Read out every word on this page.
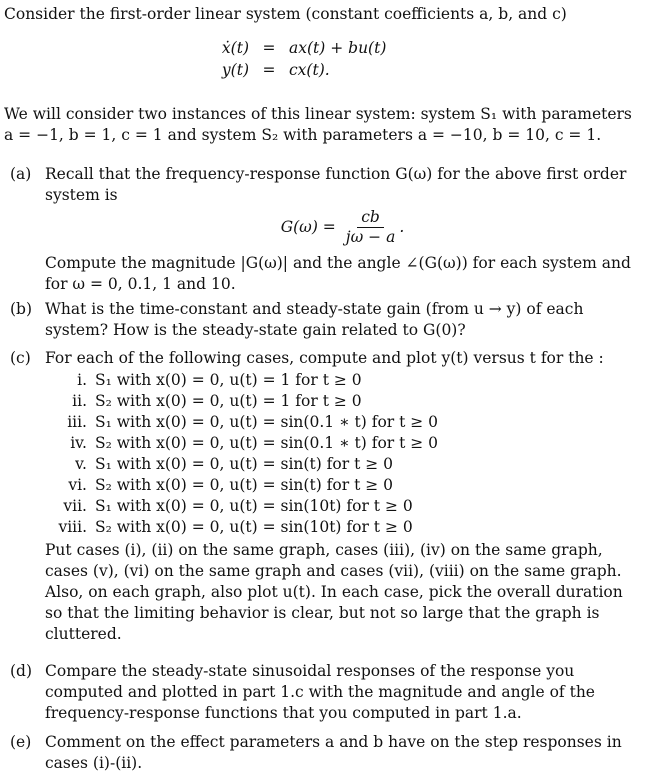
Consider the first-order linear system (constant coefficients a, b, and c)

ẋ(t) = ax(t) + bu(t)
y(t) = cx(t).

We will consider two instances of this linear system: system S₁ with parameters a = −1, b = 1, c = 1 and system S₂ with parameters a = −10, b = 10, c = 1.

(a) Recall that the frequency-response function G(ω) for the above first order system is

$G(\omega) = \frac{cb}{j\omega - a}$ .

Compute the magnitude |G(ω)| and the angle ∠(G(ω)) for each system and for ω = 0, 0.1, 1 and 10.

(b) What is the time-constant and steady-state gain (from u → y) of each system? How is the steady-state gain related to G(0)?

(c) For each of the following cases, compute and plot y(t) versus t for the :

i. S₁ with x(0) = 0, u(t) = 1 for t ≥ 0
ii. S₂ with x(0) = 0, u(t) = 1 for t ≥ 0
iii. S₁ with x(0) = 0, u(t) = sin(0.1 ∗ t) for t ≥ 0
iv. S₂ with x(0) = 0, u(t) = sin(0.1 ∗ t) for t ≥ 0
v. S₁ with x(0) = 0, u(t) = sin(t) for t ≥ 0
vi. S₂ with x(0) = 0, u(t) = sin(t) for t ≥ 0
vii. S₁ with x(0) = 0, u(t) = sin(10t) for t ≥ 0
viii. S₂ with x(0) = 0, u(t) = sin(10t) for t ≥ 0

Put cases (i), (ii) on the same graph, cases (iii), (iv) on the same graph, cases (v), (vi) on the same graph and cases (vii), (viii) on the same graph. Also, on each graph, also plot u(t). In each case, pick the overall duration so that the limiting behavior is clear, but not so large that the graph is cluttered.

(d) Compare the steady-state sinusoidal responses of the response you computed and plotted in part 1.c with the magnitude and angle of the frequency-response functions that you computed in part 1.a.

(e) Comment on the effect parameters a and b have on the step responses in cases (i)-(ii).
